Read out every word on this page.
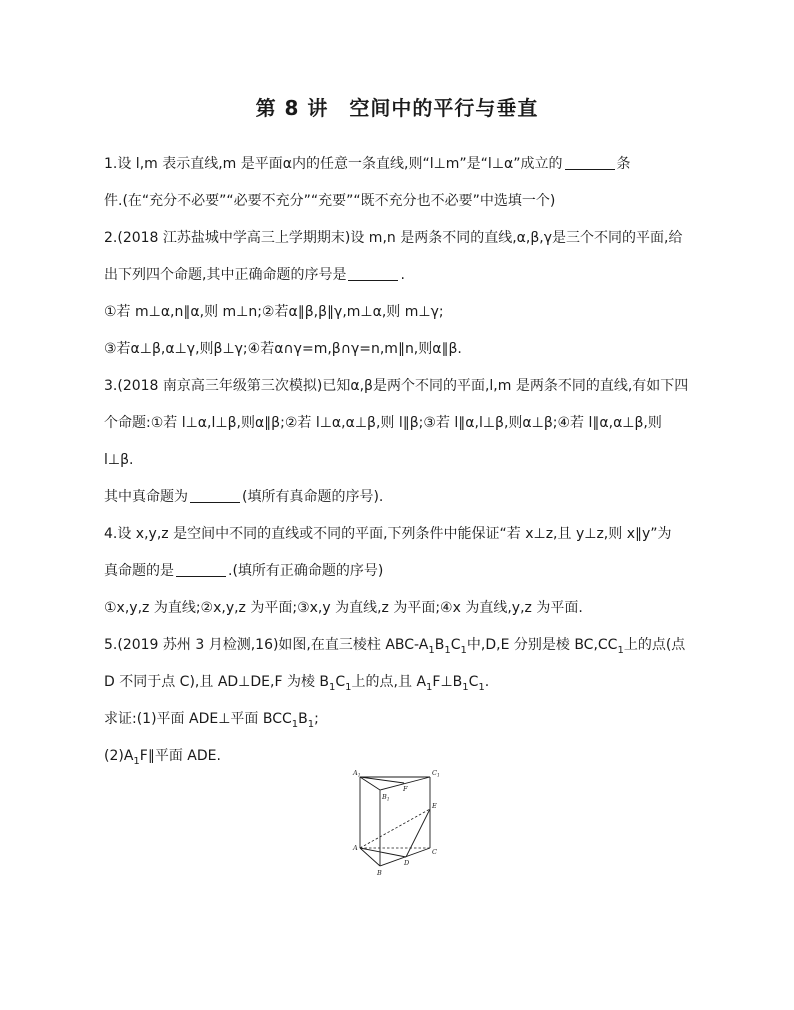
第 8 讲　空间中的平行与垂直

1.设 l,m 表示直线,m 是平面α内的任意一条直线,则“l⊥m”是“l⊥α”成立的	条

件.(在“充分不必要”“必要不充分”“充要”“既不充分也不必要”中选填一个)

2.(2018 江苏盐城中学高三上学期期末)设 m,n 是两条不同的直线,α,β,γ是三个不同的平面,给

出下列四个命题,其中正确命题的序号是	.

①若 m⊥α,n∥α,则 m⊥n;②若α∥β,β∥γ,m⊥α,则 m⊥γ;

③若α⊥β,α⊥γ,则β⊥γ;④若α∩γ=m,β∩γ=n,m∥n,则α∥β.

3.(2018 南京高三年级第三次模拟)已知α,β是两个不同的平面,l,m 是两条不同的直线,有如下四

个命题:①若 l⊥α,l⊥β,则α∥β;②若 l⊥α,α⊥β,则 l∥β;③若 l∥α,l⊥β,则α⊥β;④若 l∥α,α⊥β,则

l⊥β.

其中真命题为	(填所有真命题的序号).

4.设 x,y,z 是空间中不同的直线或不同的平面,下列条件中能保证“若 x⊥z,且 y⊥z,则 x∥y”为

真命题的是	.(填所有正确命题的序号)

①x,y,z 为直线;②x,y,z 为平面;③x,y 为直线,z 为平面;④x 为直线,y,z 为平面.

5.(2019 苏州 3 月检测,16)如图,在直三棱柱 ABC-$A_1B_1C_1$中,D,E 分别是棱 $BC,CC_1$上的点(点

D 不同于点 C),且 AD⊥DE,F 为棱 $B_1C_1$上的点,且 $A_1F\perp B_1C_1$.

求证:(1)平面 ADE⊥平面 $BCC_1B_1$;

$(2)A_1F\parallel$平面 ADE.

$A_1$	$C_1$
$B_1$
F
E
A	C
D
B
